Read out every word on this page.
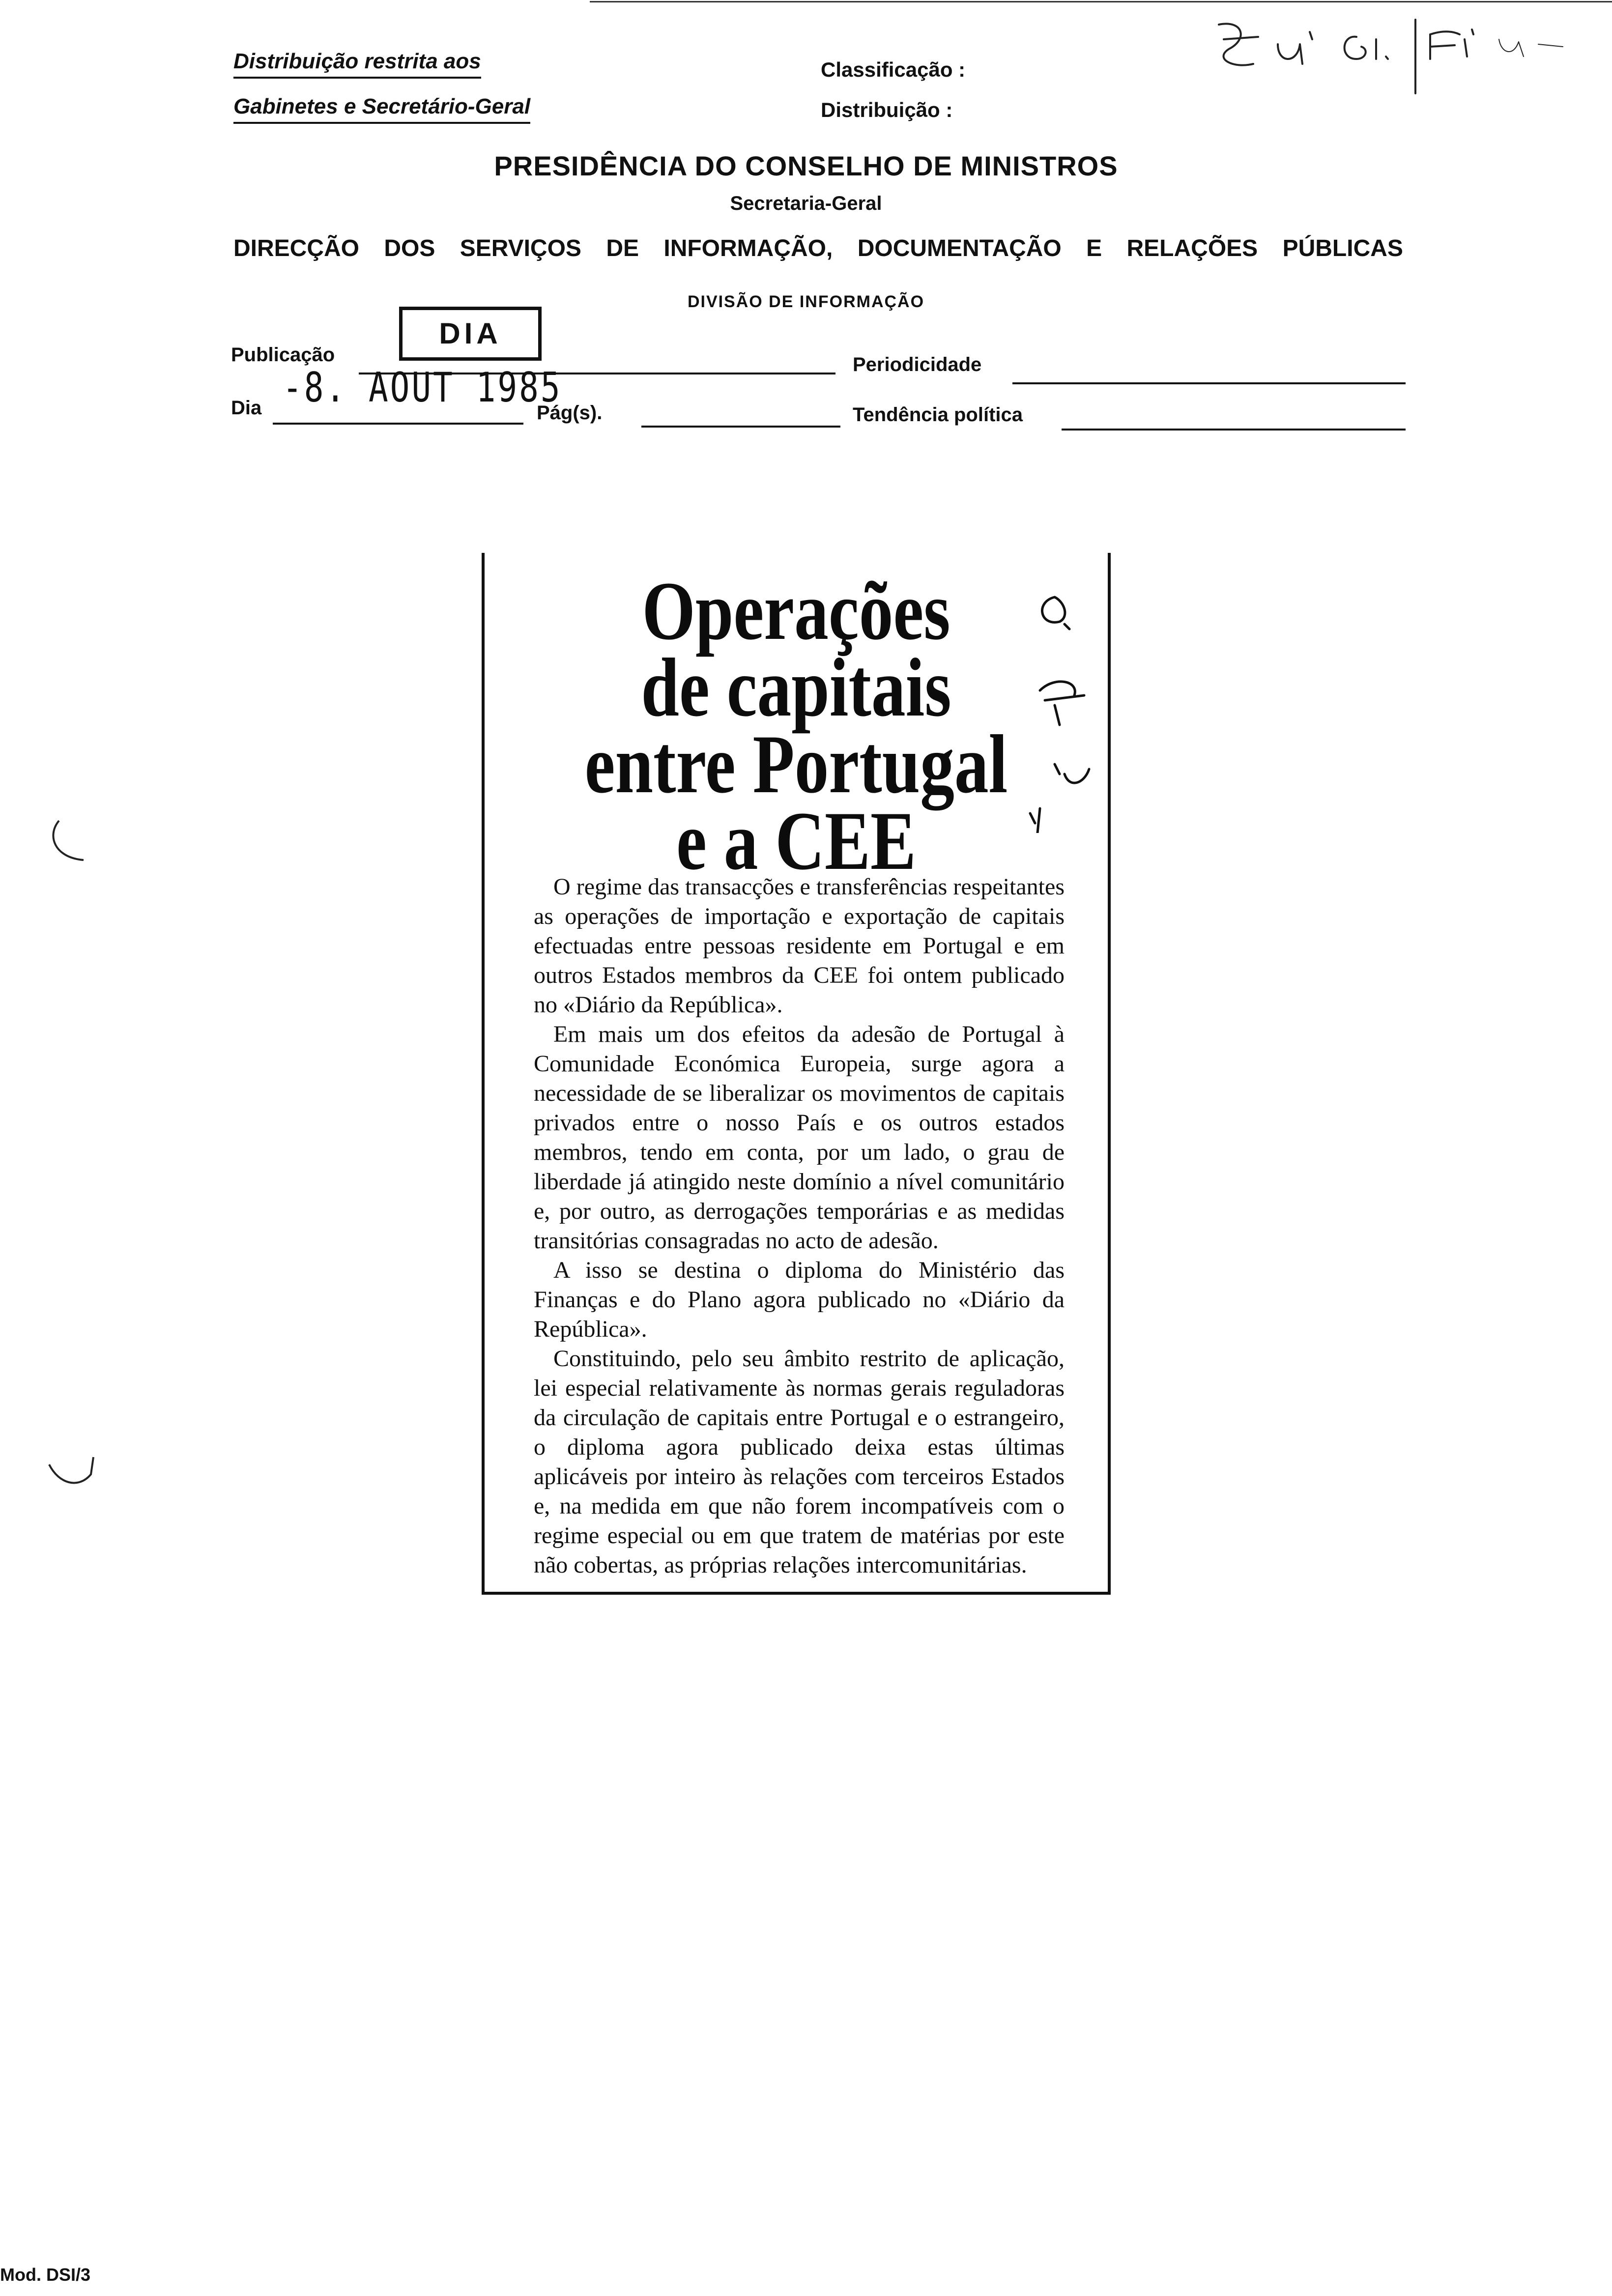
Distribuição restrita aos
Gabinetes e Secretário-Geral
Classificação :
Distribuição :
PRESIDÊNCIA DO CONSELHO DE MINISTROS
Secretaria-Geral
DIRECÇÃO DOS SERVIÇOS DE INFORMAÇÃO, DOCUMENTAÇÃO E RELAÇÕES PÚBLICAS
DIVISÃO DE INFORMAÇÃO
DIA
Publicação	Periodicidade
Dia -8. AOUT 1985
Pág(s).	Tendência política
Operações
de capitais
entre Portugal
e a CEE

O regime das transacções e transferências respeitantes as operações de importação e exportação de capitais efectuadas entre pessoas residente em Portugal e em outros Estados membros da CEE foi ontem publicado no «Diário da República».

Em mais um dos efeitos da adesão de Portugal à Comunidade Económica Europeia, surge agora a necessidade de se liberalizar os movimentos de capitais privados entre o nosso País e os outros estados membros, tendo em conta, por um lado, o grau de liberdade já atingido neste domínio a nível comunitário e, por outro, as derrogações temporárias e as medidas transitórias consagradas no acto de adesão.

A isso se destina o diploma do Ministério das Finanças e do Plano agora publicado no «Diário da República».

Constituindo, pelo seu âmbito restrito de aplicação, lei especial relativamente às normas gerais reguladoras da circulação de capitais entre Portugal e o estrangeiro, o diploma agora publicado deixa estas últimas aplicáveis por inteiro às relações com terceiros Estados e, na medida em que não forem incompatíveis com o regime especial ou em que tratem de matérias por este não cobertas, as próprias relações intercomunitárias.

Mod. DSI/3
